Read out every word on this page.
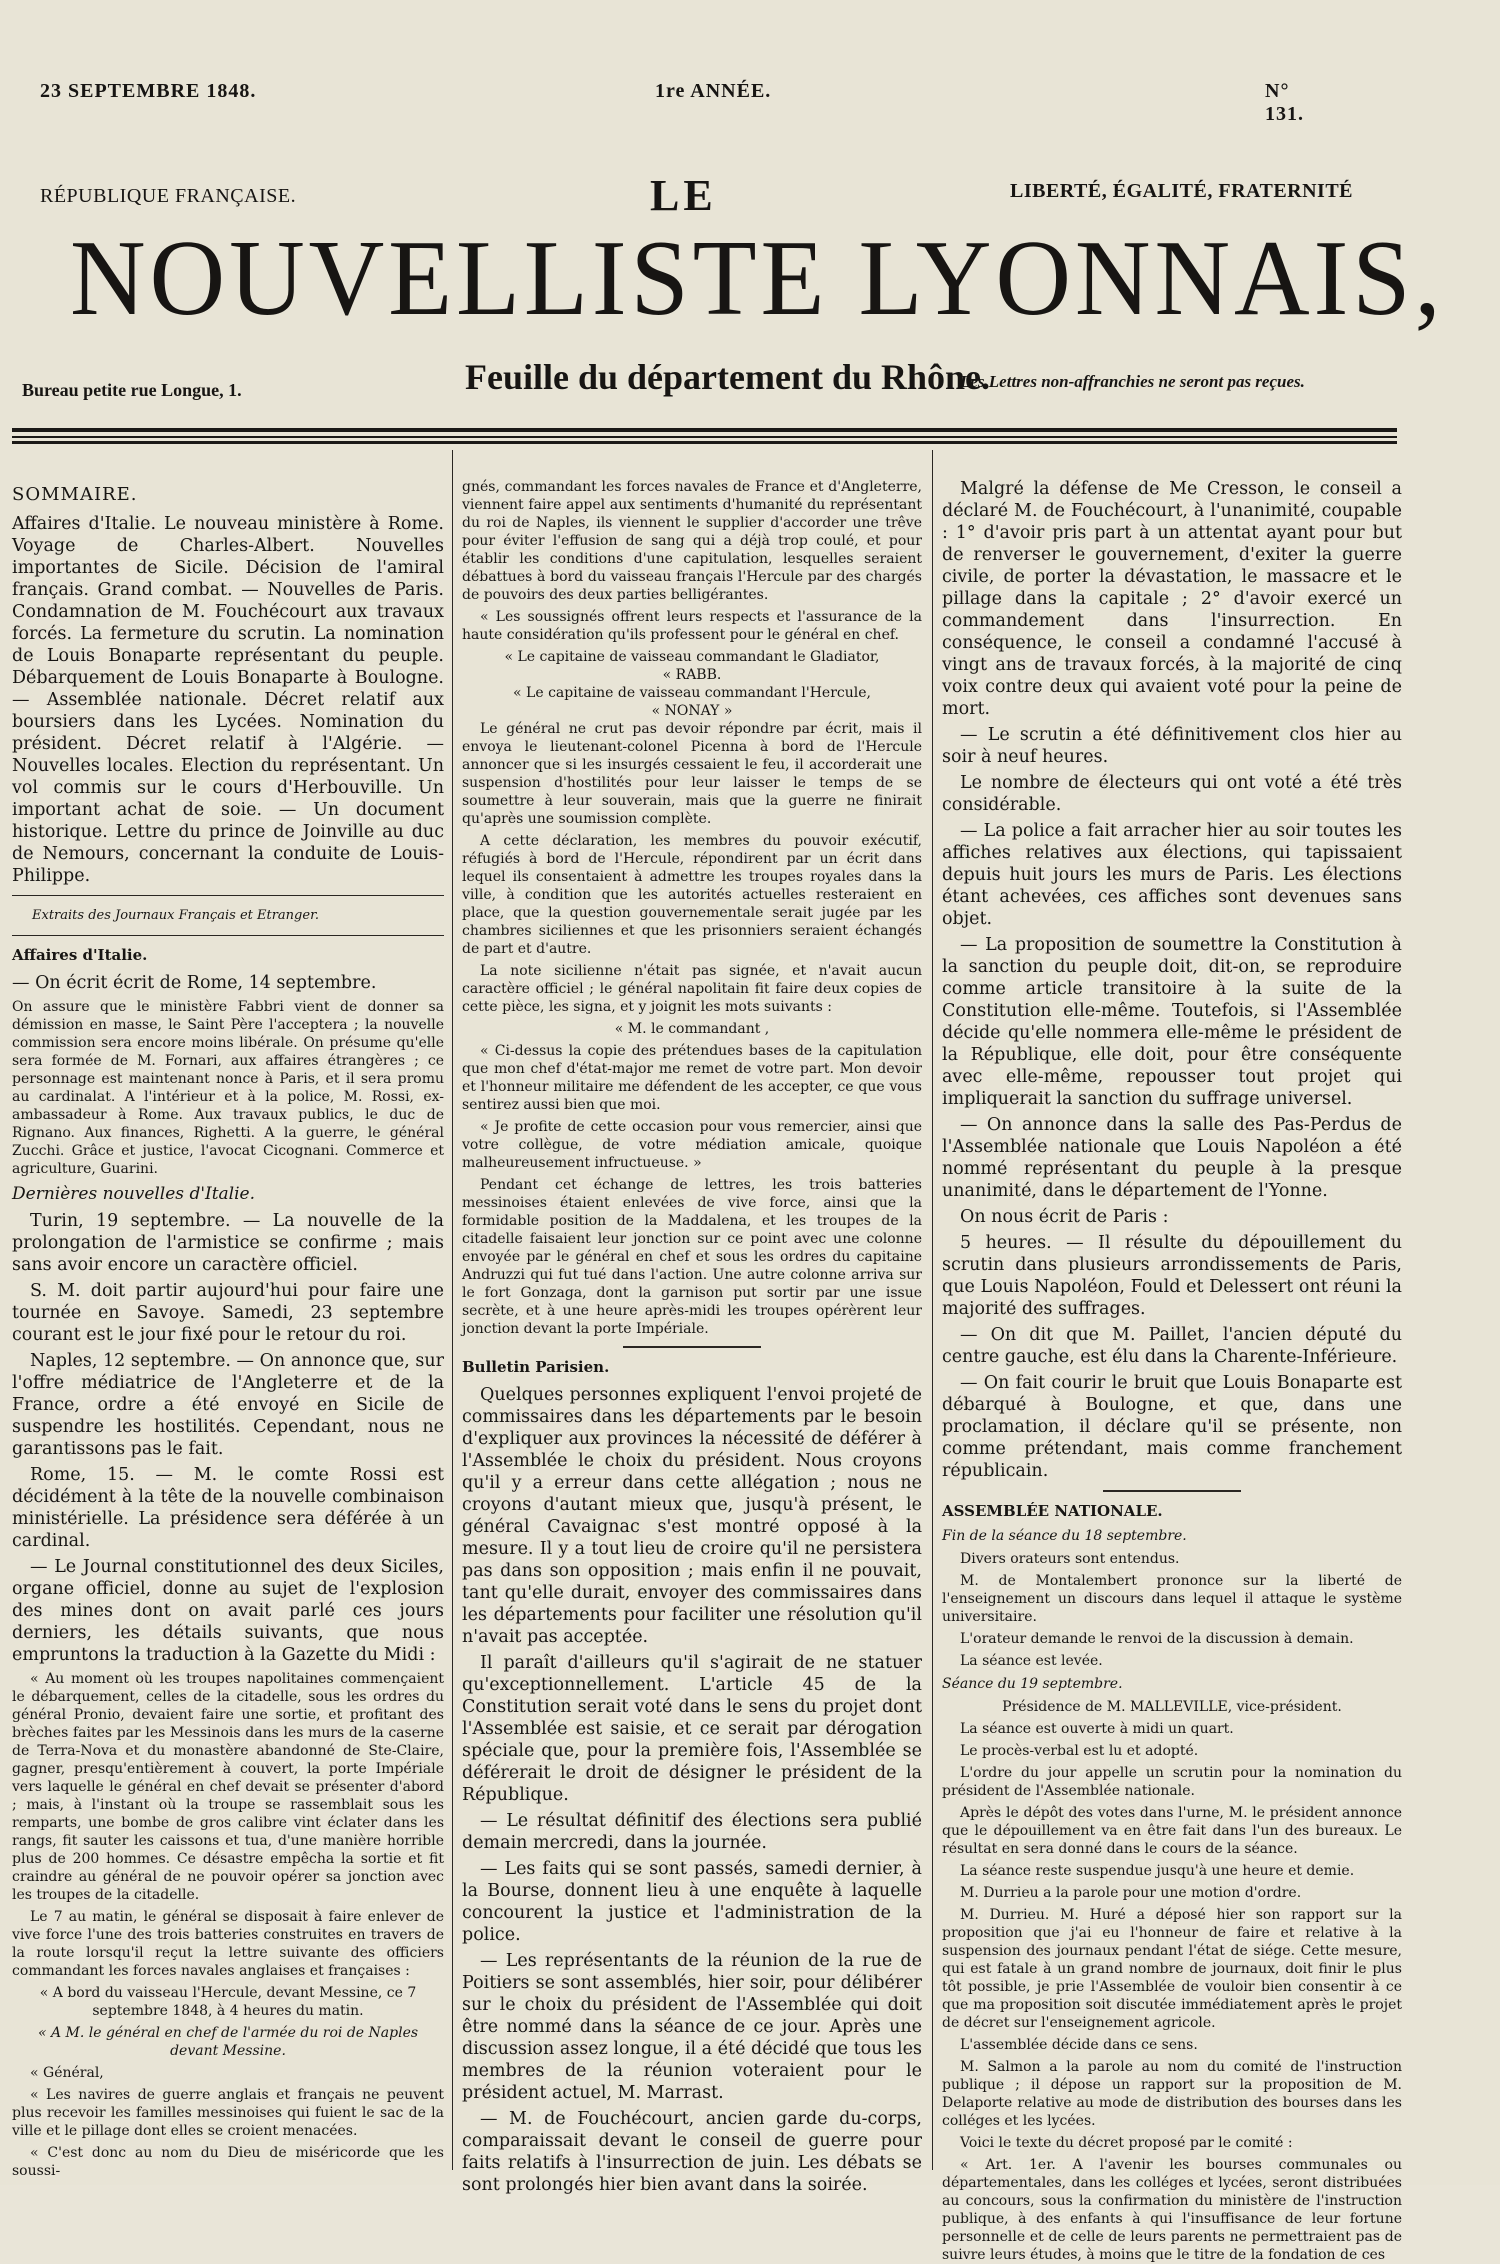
23 SEPTEMBRE 1848.	1re ANNÉE.	N° 131.
RÉPUBLIQUE FRANÇAISE.	LE	LIBERTÉ, ÉGALITÉ, FRATERNITÉ
NOUVELLISTE LYONNAIS,
Bureau petite rue Longue, 1.	Feuille du département du Rhône.
Les Lettres non-affranchies ne seront pas reçues.

SOMMAIRE.

Affaires d'Italie. Le nouveau ministère à Rome. Voyage de Charles-Albert. Nouvelles importantes de Sicile. Décision de l'amiral français. Grand combat. — Nouvelles de Paris. Condamnation de M. Fouchécourt aux travaux forcés. La fermeture du scrutin. La nomination de Louis Bonaparte représentant du peuple. Débarquement de Louis Bonaparte à Boulogne. — Assemblée nationale. Décret relatif aux boursiers dans les Lycées. Nomination du président. Décret relatif à l'Algérie. — Nouvelles locales. Election du représentant. Un vol commis sur le cours d'Herbouville. Un important achat de soie. — Un document historique. Lettre du prince de Joinville au duc de Nemours, concernant la conduite de Louis-Philippe.

Extraits des Journaux Français et Etranger.

Affaires d'Italie.

— On écrit écrit de Rome, 14 septembre.

On assure que le ministère Fabbri vient de donner sa démission en masse, le Saint Père l'acceptera ; la nouvelle commission sera encore moins libérale. On présume qu'elle sera formée de M. Fornari, aux affaires étrangères ; ce personnage est maintenant nonce à Paris, et il sera promu au cardinalat. A l'intérieur et à la police, M. Rossi, ex-ambassadeur à Rome. Aux travaux publics, le duc de Rignano. Aux finances, Righetti. A la guerre, le général Zucchi. Grâce et justice, l'avocat Cicognani. Commerce et agriculture, Guarini.

Dernières nouvelles d'Italie.

Turin, 19 septembre. — La nouvelle de la prolongation de l'armistice se confirme ; mais sans avoir encore un caractère officiel.

S. M. doit partir aujourd'hui pour faire une tournée en Savoye. Samedi, 23 septembre courant est le jour fixé pour le retour du roi.

Naples, 12 septembre. — On annonce que, sur l'offre médiatrice de l'Angleterre et de la France, ordre a été envoyé en Sicile de suspendre les hostilités. Cependant, nous ne garantissons pas le fait.

Rome, 15. — M. le comte Rossi est décidément à la tête de la nouvelle combinaison ministérielle. La présidence sera déférée à un cardinal.

— Le Journal constitutionnel des deux Siciles, organe officiel, donne au sujet de l'explosion des mines dont on avait parlé ces jours derniers, les détails suivants, que nous empruntons la traduction à la Gazette du Midi :

« Au moment où les troupes napolitaines commençaient le débarquement, celles de la citadelle, sous les ordres du général Pronio, devaient faire une sortie, et profitant des brèches faites par les Messinois dans les murs de la caserne de Terra-Nova et du monastère abandonné de Ste-Claire, gagner, presqu'entièrement à couvert, la porte Impériale vers laquelle le général en chef devait se présenter d'abord ; mais, à l'instant où la troupe se rassemblait sous les remparts, une bombe de gros calibre vint éclater dans les rangs, fit sauter les caissons et tua, d'une manière horrible plus de 200 hommes. Ce désastre empêcha la sortie et fit craindre au général de ne pouvoir opérer sa jonction avec les troupes de la citadelle.

Le 7 au matin, le général se disposait à faire enlever de vive force l'une des trois batteries construites en travers de la route lorsqu'il reçut la lettre suivante des officiers commandant les forces navales anglaises et françaises :

« A bord du vaisseau l'Hercule, devant Messine, ce 7 septembre 1848, à 4 heures du matin.

« A M. le général en chef de l'armée du roi de Naples devant Messine.

« Général,

« Les navires de guerre anglais et français ne peuvent plus recevoir les familles messinoises qui fuient le sac de la ville et le pillage dont elles se croient menacées.

« C'est donc au nom du Dieu de miséricorde que les soussi-

gnés, commandant les forces navales de France et d'Angleterre, viennent faire appel aux sentiments d'humanité du représentant du roi de Naples, ils viennent le supplier d'accorder une trêve pour éviter l'effusion de sang qui a déjà trop coulé, et pour établir les conditions d'une capitulation, lesquelles seraient débattues à bord du vaisseau français l'Hercule par des chargés de pouvoirs des deux parties belligérantes.

« Les soussignés offrent leurs respects et l'assurance de la haute considération qu'ils professent pour le général en chef.

« Le capitaine de vaisseau commandant le Gladiator,

« RABB.

« Le capitaine de vaisseau commandant l'Hercule,

« NONAY »

Le général ne crut pas devoir répondre par écrit, mais il envoya le lieutenant-colonel Picenna à bord de l'Hercule annoncer que si les insurgés cessaient le feu, il accorderait une suspension d'hostilités pour leur laisser le temps de se soumettre à leur souverain, mais que la guerre ne finirait qu'après une soumission complète.

A cette déclaration, les membres du pouvoir exécutif, réfugiés à bord de l'Hercule, répondirent par un écrit dans lequel ils consentaient à admettre les troupes royales dans la ville, à condition que les autorités actuelles resteraient en place, que la question gouvernementale serait jugée par les chambres siciliennes et que les prisonniers seraient échangés de part et d'autre.

La note sicilienne n'était pas signée, et n'avait aucun caractère officiel ; le général napolitain fit faire deux copies de cette pièce, les signa, et y joignit les mots suivants :

« M. le commandant ,

« Ci-dessus la copie des prétendues bases de la capitulation que mon chef d'état-major me remet de votre part. Mon devoir et l'honneur militaire me défendent de les accepter, ce que vous sentirez aussi bien que moi.

« Je profite de cette occasion pour vous remercier, ainsi que votre collègue, de votre médiation amicale, quoique malheureusement infructueuse. »

Pendant cet échange de lettres, les trois batteries messinoises étaient enlevées de vive force, ainsi que la formidable position de la Maddalena, et les troupes de la citadelle faisaient leur jonction sur ce point avec une colonne envoyée par le général en chef et sous les ordres du capitaine Andruzzi qui fut tué dans l'action. Une autre colonne arriva sur le fort Gonzaga, dont la garnison put sortir par une issue secrète, et à une heure après-midi les troupes opérèrent leur jonction devant la porte Impériale.

Bulletin Parisien.

Quelques personnes expliquent l'envoi projeté de commissaires dans les départements par le besoin d'expliquer aux provinces la nécessité de déférer à l'Assemblée le choix du président. Nous croyons qu'il y a erreur dans cette allégation ; nous ne croyons d'autant mieux que, jusqu'à présent, le général Cavaignac s'est montré opposé à la mesure. Il y a tout lieu de croire qu'il ne persistera pas dans son opposition ; mais enfin il ne pouvait, tant qu'elle durait, envoyer des commissaires dans les départements pour faciliter une résolution qu'il n'avait pas acceptée.

Il paraît d'ailleurs qu'il s'agirait de ne statuer qu'exceptionnellement. L'article 45 de la Constitution serait voté dans le sens du projet dont l'Assemblée est saisie, et ce serait par dérogation spéciale que, pour la première fois, l'Assemblée se déférerait le droit de désigner le président de la République.

— Le résultat définitif des élections sera publié demain mercredi, dans la journée.

— Les faits qui se sont passés, samedi dernier, à la Bourse, donnent lieu à une enquête à laquelle concourent la justice et l'administration de la police.

— Les représentants de la réunion de la rue de Poitiers se sont assemblés, hier soir, pour délibérer sur le choix du président de l'Assemblée qui doit être nommé dans la séance de ce jour. Après une discussion assez longue, il a été décidé que tous les membres de la réunion voteraient pour le président actuel, M. Marrast.

— M. de Fouchécourt, ancien garde du-corps, comparaissait devant le conseil de guerre pour faits relatifs à l'insurrection de juin. Les débats se sont prolongés hier bien avant dans la soirée.

Malgré la défense de Me Cresson, le conseil a déclaré M. de Fouchécourt, à l'unanimité, coupable : 1° d'avoir pris part à un attentat ayant pour but de renverser le gouvernement, d'exiter la guerre civile, de porter la dévastation, le massacre et le pillage dans la capitale ; 2° d'avoir exercé un commandement dans l'insurrection. En conséquence, le conseil a condamné l'accusé à vingt ans de travaux forcés, à la majorité de cinq voix contre deux qui avaient voté pour la peine de mort.

— Le scrutin a été définitivement clos hier au soir à neuf heures.

Le nombre de électeurs qui ont voté a été très considérable.

— La police a fait arracher hier au soir toutes les affiches relatives aux élections, qui tapissaient depuis huit jours les murs de Paris. Les élections étant achevées, ces affiches sont devenues sans objet.

— La proposition de soumettre la Constitution à la sanction du peuple doit, dit-on, se reproduire comme article transitoire à la suite de la Constitution elle-même. Toutefois, si l'Assemblée décide qu'elle nommera elle-même le président de la République, elle doit, pour être conséquente avec elle-même, repousser tout projet qui impliquerait la sanction du suffrage universel.

— On annonce dans la salle des Pas-Perdus de l'Assemblée nationale que Louis Napoléon a été nommé représentant du peuple à la presque unanimité, dans le département de l'Yonne.

On nous écrit de Paris :

5 heures. — Il résulte du dépouillement du scrutin dans plusieurs arrondissements de Paris, que Louis Napoléon, Fould et Delessert ont réuni la majorité des suffrages.

— On dit que M. Paillet, l'ancien député du centre gauche, est élu dans la Charente-Inférieure.

— On fait courir le bruit que Louis Bonaparte est débarqué à Boulogne, et que, dans une proclamation, il déclare qu'il se présente, non comme prétendant, mais comme franchement républicain.

ASSEMBLÉE NATIONALE.

Fin de la séance du 18 septembre.

Divers orateurs sont entendus.

M. de Montalembert prononce sur la liberté de l'enseignement un discours dans lequel il attaque le système universitaire.

L'orateur demande le renvoi de la discussion à demain.

La séance est levée.

Séance du 19 septembre.

Présidence de M. MALLEVILLE, vice-président.

La séance est ouverte à midi un quart.

Le procès-verbal est lu et adopté.

L'ordre du jour appelle un scrutin pour la nomination du président de l'Assemblée nationale.

Après le dépôt des votes dans l'urne, M. le président annonce que le dépouillement va en être fait dans l'un des bureaux. Le résultat en sera donné dans le cours de la séance.

La séance reste suspendue jusqu'à une heure et demie.

M. Durrieu a la parole pour une motion d'ordre.

M. Durrieu. M. Huré a déposé hier son rapport sur la proposition que j'ai eu l'honneur de faire et relative à la suspension des journaux pendant l'état de siége. Cette mesure, qui est fatale à un grand nombre de journaux, doit finir le plus tôt possible, je prie l'Assemblée de vouloir bien consentir à ce que ma proposition soit discutée immédiatement après le projet de décret sur l'enseignement agricole.

L'assemblée décide dans ce sens.

M. Salmon a la parole au nom du comité de l'instruction publique ; il dépose un rapport sur la proposition de M. Delaporte relative au mode de distribution des bourses dans les colléges et les lycées.

Voici le texte du décret proposé par le comité :

« Art. 1er. A l'avenir les bourses communales ou départementales, dans les colléges et lycées, seront distribuées au concours, sous la confirmation du ministère de l'instruction publique, à des enfants à qui l'insuffisance de leur fortune personnelle et de celle de leurs parents ne permettraient pas de suivre leurs études, à moins que le titre de la fondation de ces
